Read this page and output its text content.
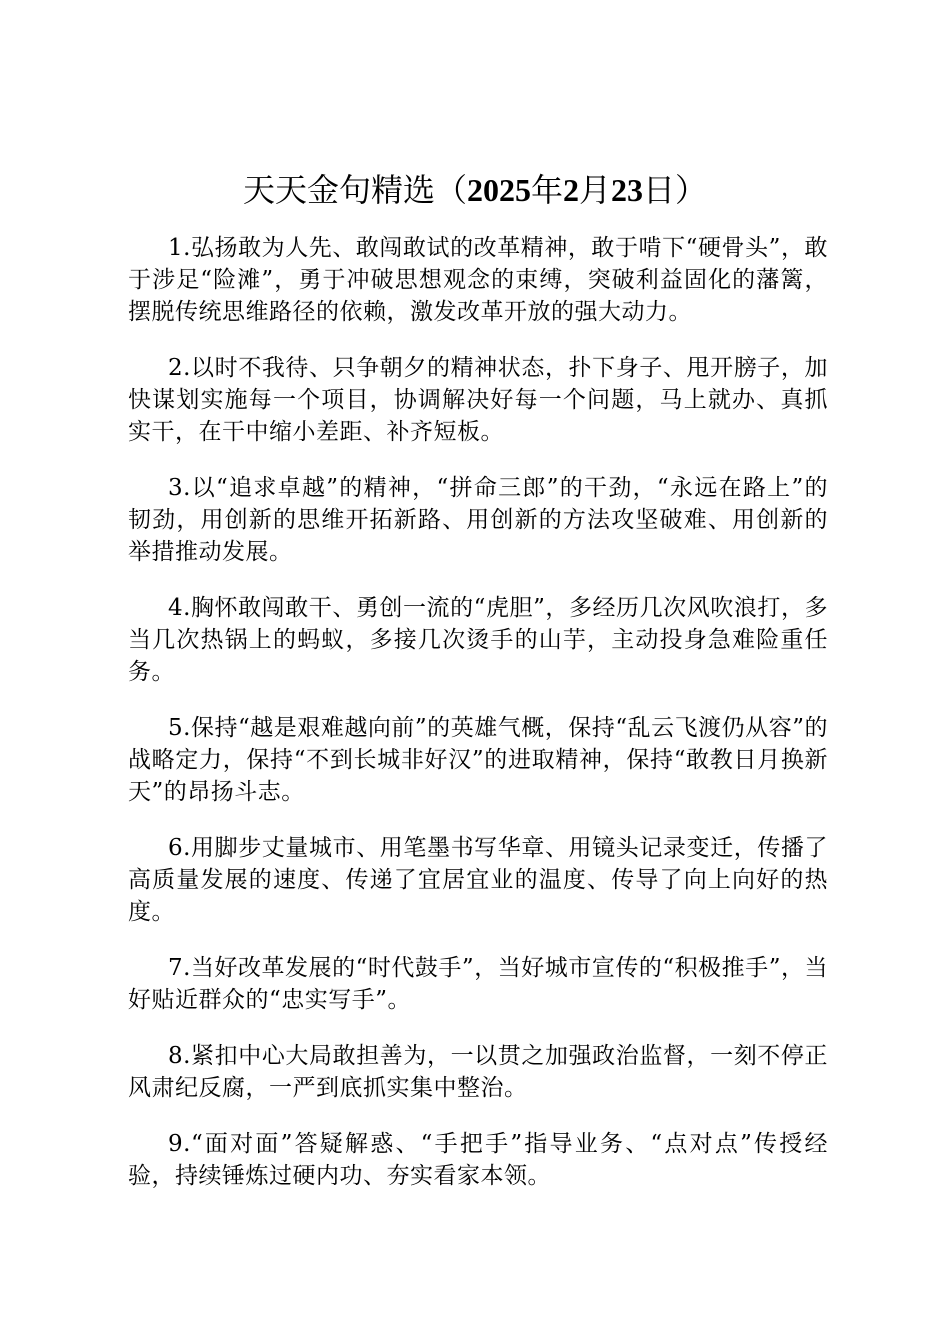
天天金句精选（2025年2月23日）

1.弘扬敢为人先、敢闯敢试的改革精神，敢于啃下“硬骨头”，敢于涉足“险滩”，勇于冲破思想观念的束缚，突破利益固化的藩篱，摆脱传统思维路径的依赖，激发改革开放的强大动力。

2.以时不我待、只争朝夕的精神状态，扑下身子、甩开膀子，加快谋划实施每一个项目，协调解决好每一个问题，马上就办、真抓实干，在干中缩小差距、补齐短板。

3.以“追求卓越”的精神，“拼命三郎”的干劲，“永远在路上”的韧劲，用创新的思维开拓新路、用创新的方法攻坚破难、用创新的举措推动发展。

4.胸怀敢闯敢干、勇创一流的“虎胆”，多经历几次风吹浪打，多当几次热锅上的蚂蚁，多接几次烫手的山芋，主动投身急难险重任务。

5.保持“越是艰难越向前”的英雄气概，保持“乱云飞渡仍从容”的战略定力，保持“不到长城非好汉”的进取精神，保持“敢教日月换新天”的昂扬斗志。

6.用脚步丈量城市、用笔墨书写华章、用镜头记录变迁，传播了高质量发展的速度、传递了宜居宜业的温度、传导了向上向好的热度。

7.当好改革发展的“时代鼓手”，当好城市宣传的“积极推手”，当好贴近群众的“忠实写手”。

8.紧扣中心大局敢担善为，一以贯之加强政治监督，一刻不停正风肃纪反腐，一严到底抓实集中整治。

9.“面对面”答疑解惑、“手把手”指导业务、“点对点”传授经验，持续锤炼过硬内功、夯实看家本领。
